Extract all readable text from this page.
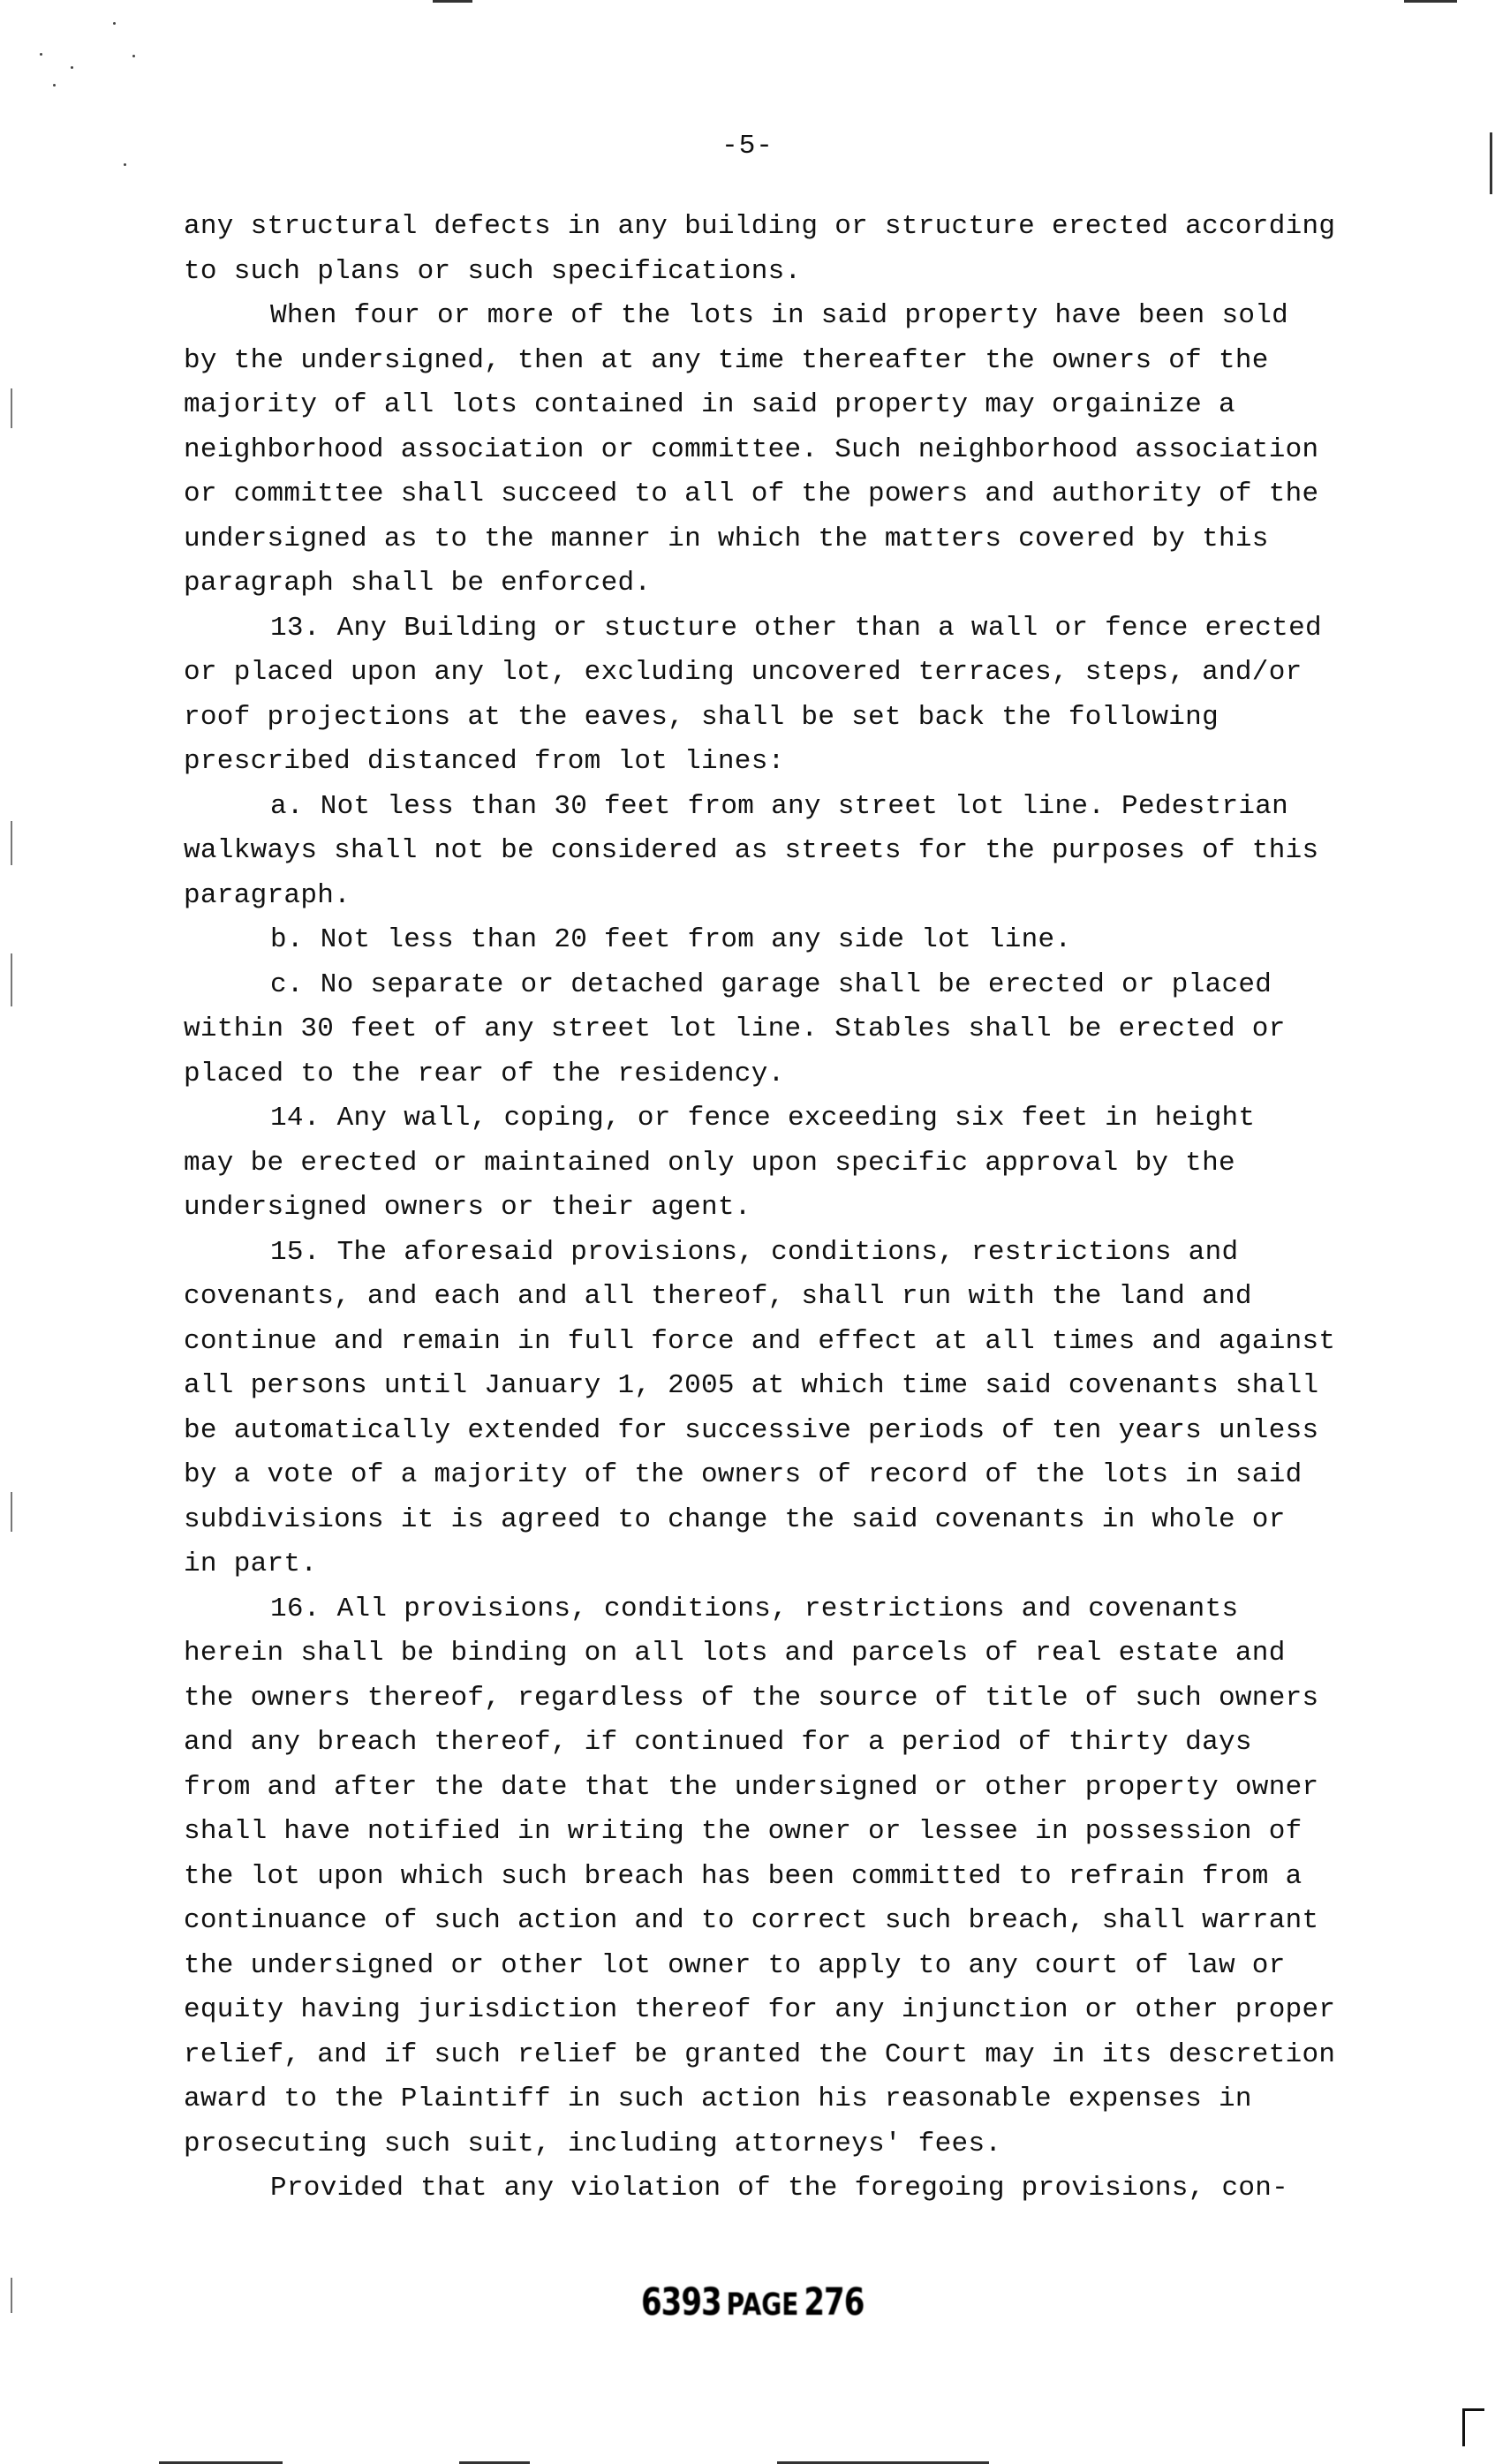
-5-
any structural defects in any building or structure erected according
to such plans or such specifications.
When four or more of the lots in said property have been sold
by the undersigned, then at any time thereafter the owners of the
majority of all lots contained in said property may orgainize a
neighborhood association or committee. Such neighborhood association
or committee shall succeed to all of the powers and authority of the
undersigned as to the manner in which the matters covered by this
paragraph shall be enforced.
13. Any Building or stucture other than a wall or fence erected
or placed upon any lot, excluding uncovered terraces, steps, and/or
roof projections at the eaves, shall be set back the following
prescribed distanced from lot lines:
a. Not less than 30 feet from any street lot line. Pedestrian
walkways shall not be considered as streets for the purposes of this
paragraph.
b. Not less than 20 feet from any side lot line.
c. No separate or detached garage shall be erected or placed
within 30 feet of any street lot line. Stables shall be erected or
placed to the rear of the residency.
14. Any wall, coping, or fence exceeding six feet in height
may be erected or maintained only upon specific approval by the
undersigned owners or their agent.
15. The aforesaid provisions, conditions, restrictions and
covenants, and each and all thereof, shall run with the land and
continue and remain in full force and effect at all times and against
all persons until January 1, 2005 at which time said covenants shall
be automatically extended for successive periods of ten years unless
by a vote of a majority of the owners of record of the lots in said
subdivisions it is agreed to change the said covenants in whole or
in part.
16. All provisions, conditions, restrictions and covenants
herein shall be binding on all lots and parcels of real estate and
the owners thereof, regardless of the source of title of such owners
and any breach thereof, if continued for a period of thirty days
from and after the date that the undersigned or other property owner
shall have notified in writing the owner or lessee in possession of
the lot upon which such breach has been committed to refrain from a
continuance of such action and to correct such breach, shall warrant
the undersigned or other lot owner to apply to any court of law or
equity having jurisdiction thereof for any injunction or other proper
relief, and if such relief be granted the Court may in its descretion
award to the Plaintiff in such action his reasonable expenses in
prosecuting such suit, including attorneys' fees.
Provided that any violation of the foregoing provisions, con-
6393 PAGE 276
